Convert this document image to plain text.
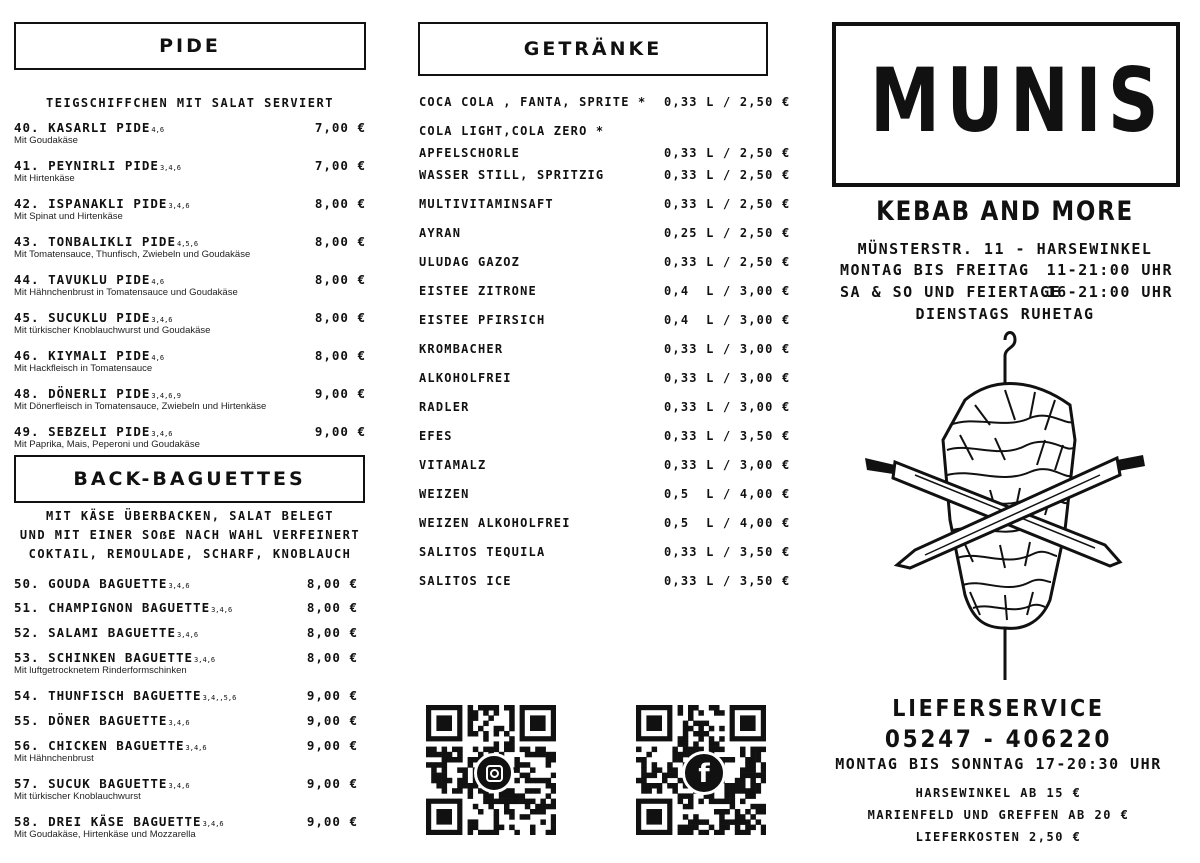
PIDE
TEIGSCHIFFCHEN MIT SALAT SERVIERT
40. KASARLI PIDE4,6	7,00 €
Mit Goudakäse
41. PEYNIRLI PIDE3,4,6	7,00 €
Mit Hirtenkäse
42. ISPANAKLI PIDE3,4,6	8,00 €
Mit Spinat und Hirtenkäse
43. TONBALIKLI PIDE4,5,6	8,00 €
Mit Tomatensauce, Thunfisch, Zwiebeln und Goudakäse
44. TAVUKLU PIDE4,6	8,00 €
Mit Hähnchenbrust in Tomatensauce und Goudakäse
45. SUCUKLU PIDE3,4,6	8,00 €
Mit türkischer Knoblauchwurst und Goudakäse
46. KIYMALI PIDE4,6	8,00 €
Mit Hackfleisch in Tomatensauce
48. DÖNERLI PIDE3,4,6,9	9,00 €
Mit Dönerfleisch in Tomatensauce, Zwiebeln und Hirtenkäse
49. SEBZELI PIDE3,4,6	9,00 €
Mit Paprika, Mais, Peperoni und Goudakäse
BACK-BAGUETTES
MIT KÄSE ÜBERBACKEN, SALAT BELEGT
UND MIT EINER SOẞE NACH WAHL VERFEINERT
COKTAIL, REMOULADE, SCHARF, KNOBLAUCH
50. GOUDA BAGUETTE3,4,6	8,00 €
51. CHAMPIGNON BAGUETTE3,4,6	8,00 €
52. SALAMI BAGUETTE3,4,6	8,00 €
53. SCHINKEN BAGUETTE3,4,6	8,00 €
Mit luftgetrocknetem Rinderformschinken
54. THUNFISCH BAGUETTE3,4,,5,6	9,00 €
55. DÖNER BAGUETTE3,4,6	9,00 €
56. CHICKEN BAGUETTE3,4,6	9,00 €
Mit Hähnchenbrust
57. SUCUK BAGUETTE3,4,6	9,00 €
Mit türkischer Knoblauchwurst
58. DREI KÄSE BAGUETTE3,4,6	9,00 €
Mit Goudakäse, Hirtenkäse und Mozzarella
GETRÄNKE
COCA COLA , FANTA, SPRITE *	0,33 L / 2,50 €
COLA LIGHT,COLA ZERO *
APFELSCHORLE	0,33 L / 2,50 €
WASSER STILL, SPRITZIG	0,33 L / 2,50 €
MULTIVITAMINSAFT	0,33 L / 2,50 €
AYRAN	0,25 L / 2,50 €
ULUDAG GAZOZ	0,33 L / 2,50 €
EISTEE ZITRONE	0,4  L / 3,00 €
EISTEE PFIRSICH	0,4  L / 3,00 €
KROMBACHER	0,33 L / 3,00 €
ALKOHOLFREI	0,33 L / 3,00 €
RADLER	0,33 L / 3,00 €
EFES	0,33 L / 3,50 €
VITAMALZ	0,33 L / 3,00 €
WEIZEN	0,5  L / 4,00 €
WEIZEN ALKOHOLFREI	0,5  L / 4,00 €
SALITOS TEQUILA	0,33 L / 3,50 €
SALITOS ICE	0,33 L / 3,50 €
f
MUNIS
KEBAB AND MORE
MÜNSTERSTR. 11 - HARSEWINKEL
MONTAG BIS FREITAG 11-21:00 UHR
SA & SO UND FEIERTAGE
16-21:00 UHR
DIENSTAGS RUHETAG
LIEFERSERVICE
05247 - 406220
MONTAG BIS SONNTAG 17-20:30 UHR
HARSEWINKEL AB 15 €
MARIENFELD UND GREFFEN AB 20 €
LIEFERKOSTEN 2,50 €
